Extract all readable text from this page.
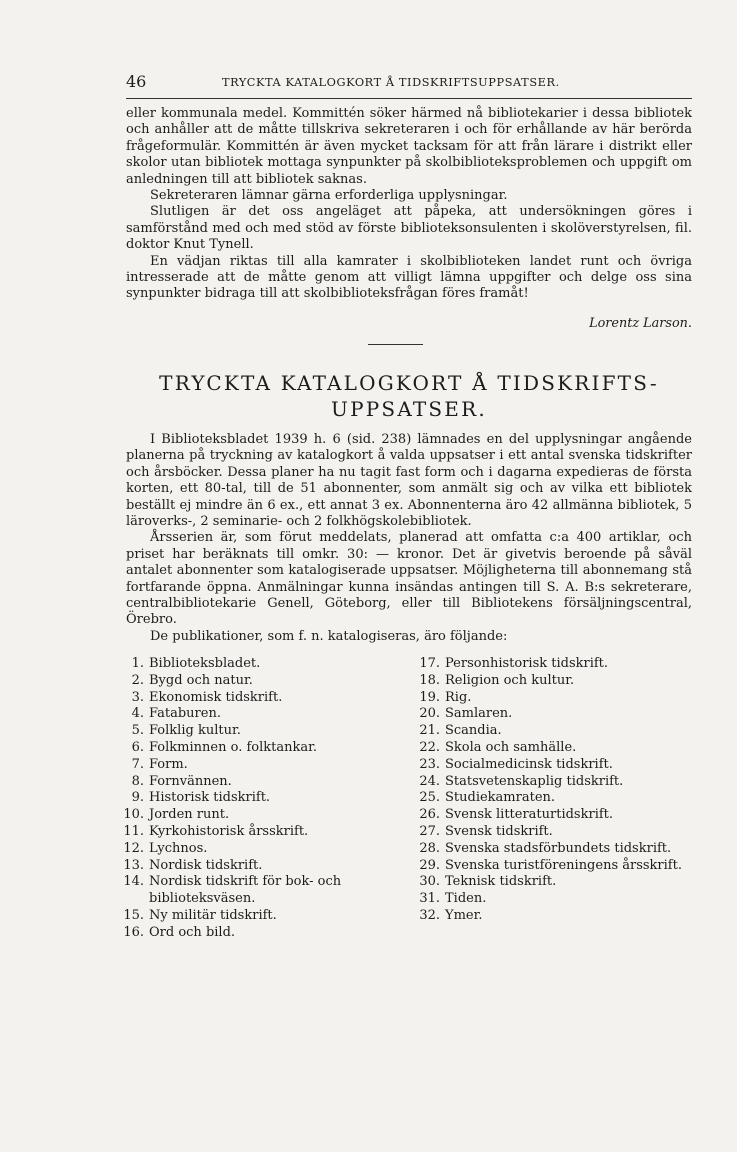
46	TRYCKTA KATALOGKORT Å TIDSKRIFTSUPPSATSER.

eller kommunala medel. Kommittén söker härmed nå bibliotekarier i dessa bibliotek och anhåller att de måtte tillskriva sekreteraren i och för erhållande av här berörda frågeformulär. Kommittén är även mycket tacksam för att från lärare i distrikt eller skolor utan bibliotek mottaga synpunkter på skolbiblioteksproblemen och uppgift om anledningen till att bibliotek saknas.

Sekreteraren lämnar gärna erforderliga upplysningar.

Slutligen är det oss angeläget att påpeka, att undersökningen göres i samförstånd med och med stöd av förste biblioteksonsulenten i skolöverstyrelsen, fil. doktor Knut Tynell.

En vädjan riktas till alla kamrater i skolbiblioteken landet runt och övriga intresserade att de måtte genom att villigt lämna uppgifter och delge oss sina synpunkter bidraga till att skolbiblioteksfrågan föres framåt!

Lorentz Larson.
TRYCKTA KATALOGKORT Å TIDSKRIFTS-
UPPSATSER.

I Biblioteksbladet 1939 h. 6 (sid. 238) lämnades en del upplysningar angående planerna på tryckning av katalogkort å valda uppsatser i ett antal svenska tidskrifter och årsböcker. Dessa planer ha nu tagit fast form och i dagarna expedieras de första korten, ett 80-tal, till de 51 abonnenter, som anmält sig och av vilka ett bibliotek beställt ej mindre än 6 ex., ett annat 3 ex. Abonnenterna äro 42 allmänna bibliotek, 5 läroverks-, 2 seminarie- och 2 folkhögskolebibliotek.

Årsserien är, som förut meddelats, planerad att omfatta c:a 400 artiklar, och priset har beräknats till omkr. 30: — kronor. Det är givetvis beroende på såväl antalet abonnenter som katalogiserade uppsatser. Möjligheterna till abonnemang stå fortfarande öppna. Anmälningar kunna insändas antingen till S. A. B:s sekreterare, centralbibliotekarie Genell, Göteborg, eller till Bibliotekens försäljningscentral, Örebro.

De publikationer, som f. n. katalogiseras, äro följande:

1. Biblioteksbladet.
2. Bygd och natur.
3. Ekonomisk tidskrift.
4. Fataburen.
5. Folklig kultur.
6. Folkminnen o. folktankar.
7. Form.
8. Fornvännen.
9. Historisk tidskrift.
10. Jorden runt.
11. Kyrkohistorisk årsskrift.
12. Lychnos.
13. Nordisk tidskrift.
14. Nordisk tidskrift för bok- och biblioteksväsen.
15. Ny militär tidskrift.
16. Ord och bild.
17. Personhistorisk tidskrift.
18. Religion och kultur.
19. Rig.
20. Samlaren.
21. Scandia.
22. Skola och samhälle.
23. Socialmedicinsk tidskrift.
24. Statsvetenskaplig tidskrift.
25. Studiekamraten.
26. Svensk litteraturtidskrift.
27. Svensk tidskrift.
28. Svenska stadsförbundets tidskrift.
29. Svenska turistföreningens årsskrift.
30. Teknisk tidskrift.
31. Tiden.
32. Ymer.
